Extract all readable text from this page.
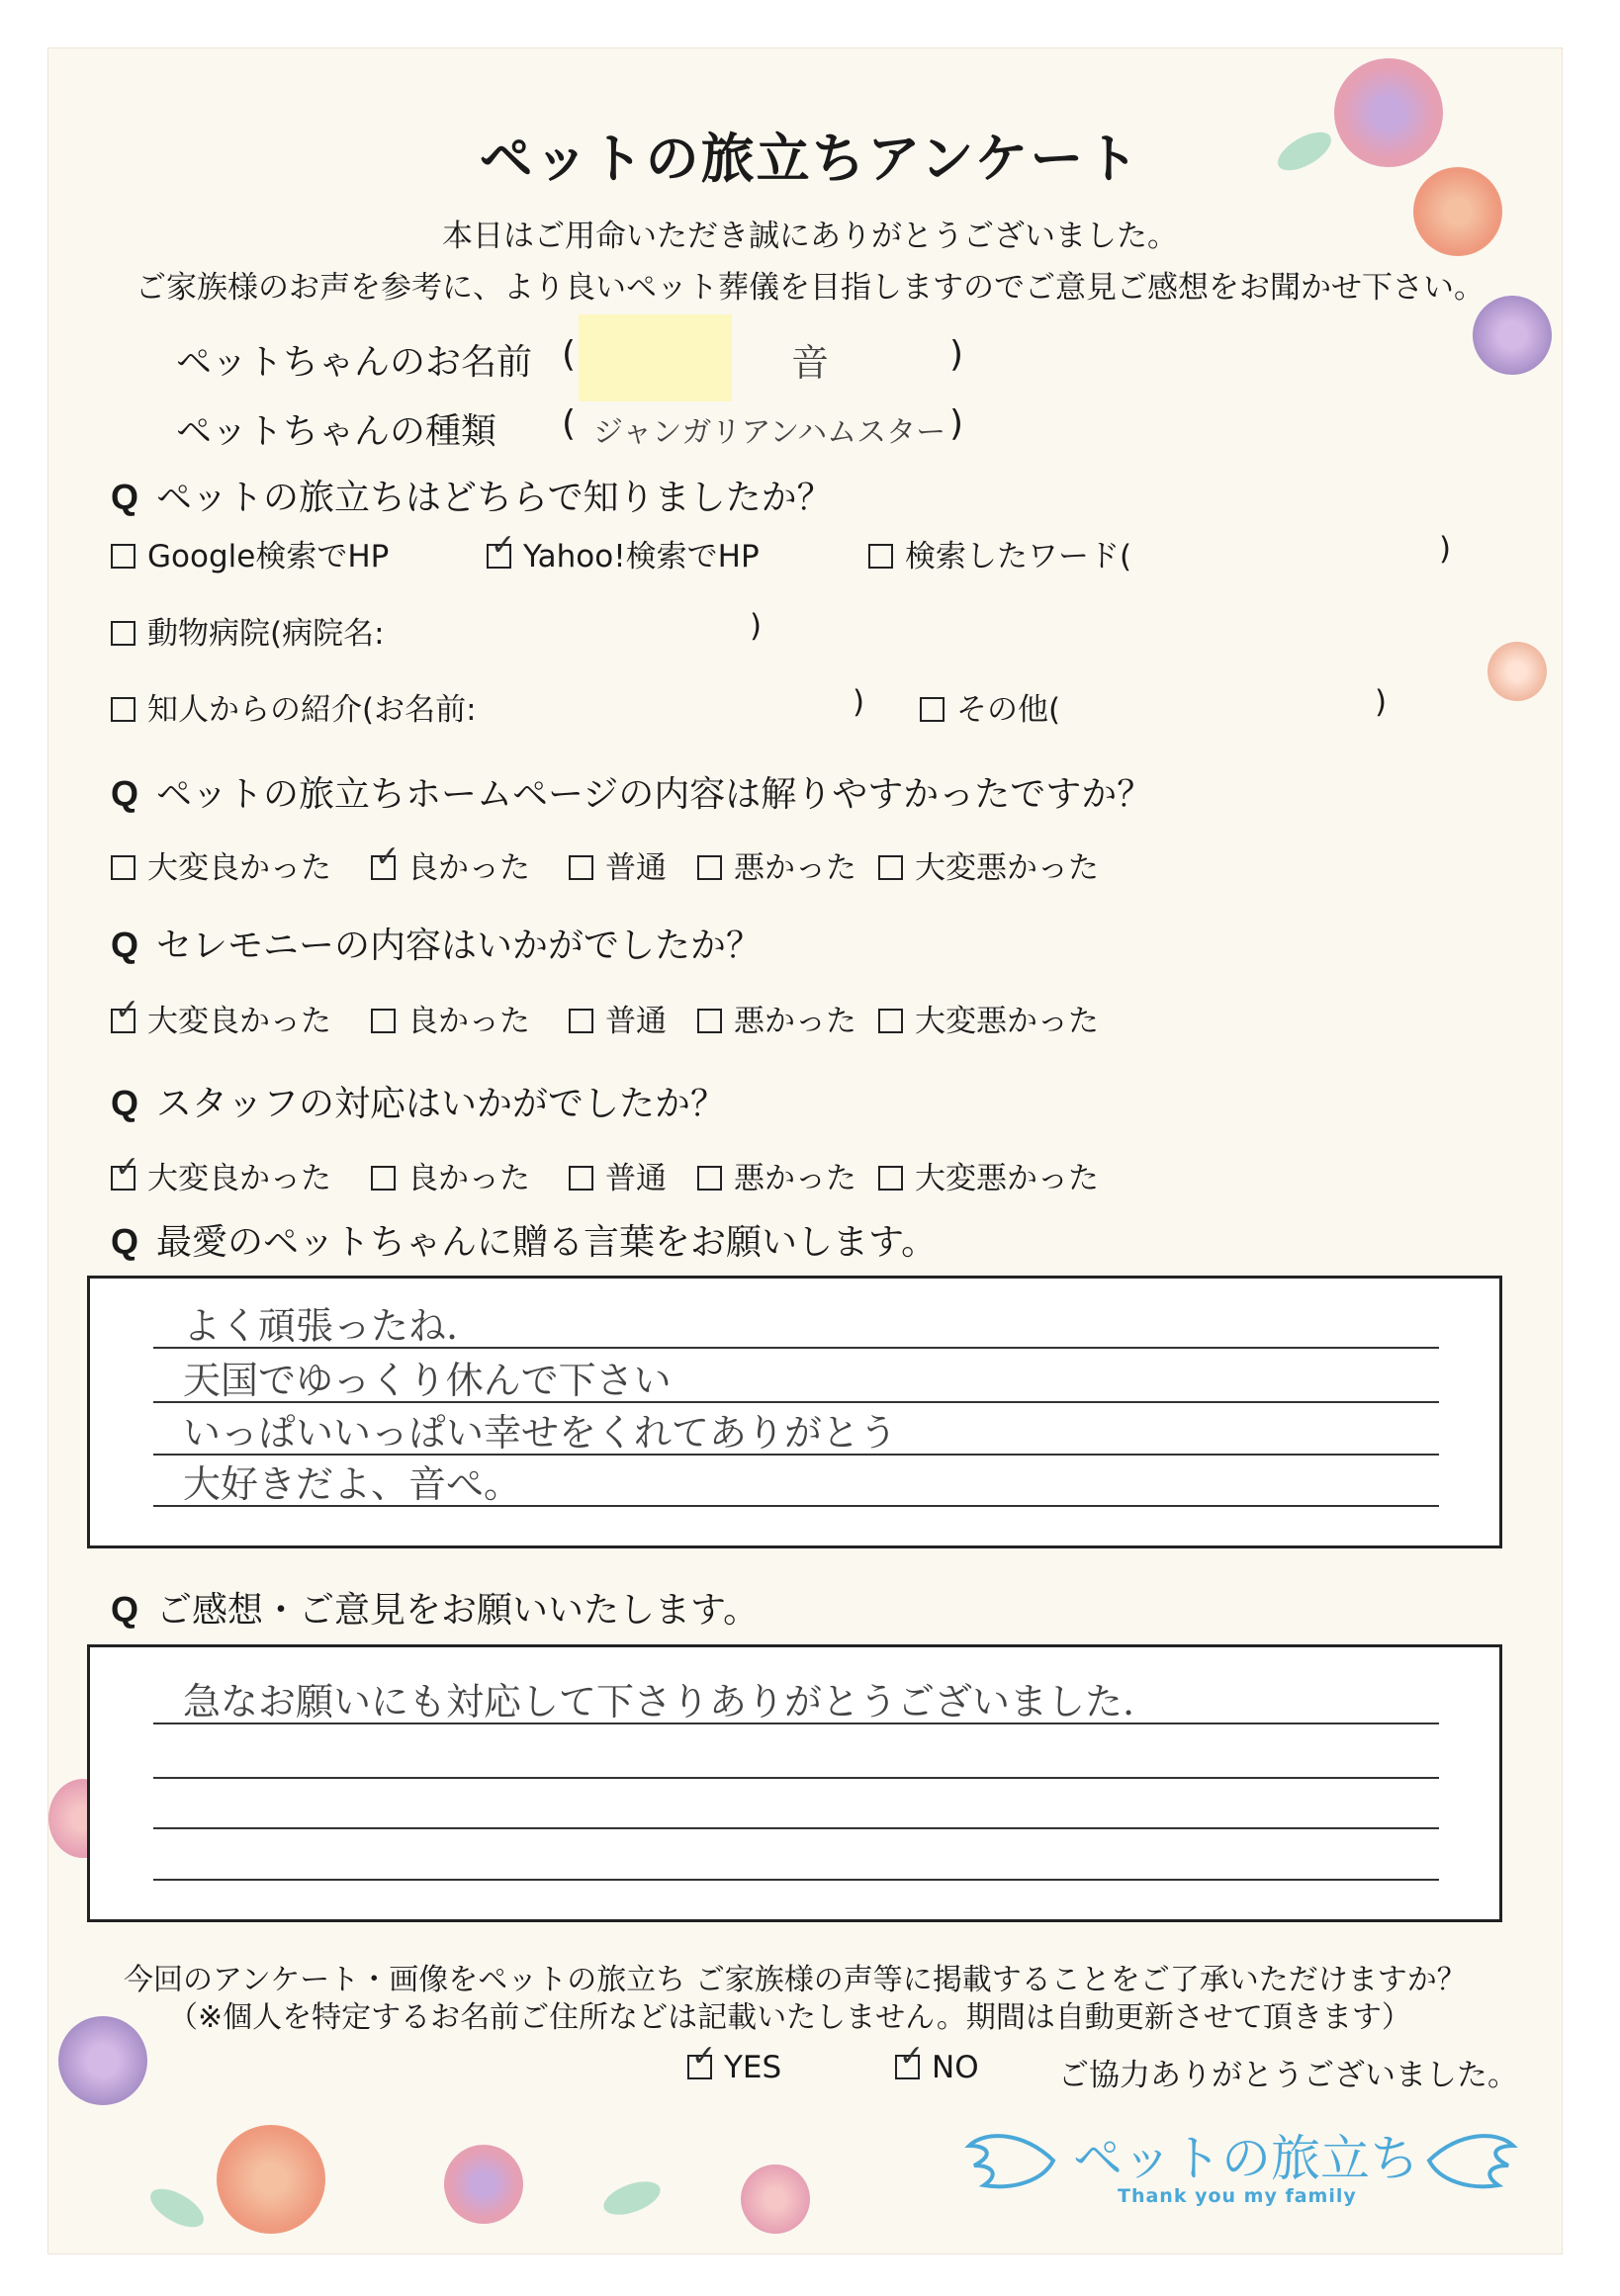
ペットの旅立ちアンケート
本日はご用命いただき誠にありがとうございました。
ご家族様のお声を参考に、より良いペット葬儀を目指しますのでご意見ご感想をお聞かせ下さい。
ペットちゃんのお名前 (	音	)
ペットちゃんの種類 ( ジャンガリアンハムスター )
Q ペットの旅立ちはどちらで知りましたか？
Google検索でHP ✓	Yahoo!検索でHP	検索したワード(	)
動物病院(病院名:	)
知人からの紹介(お名前:	)	その他(	)
Q ペットの旅立ちホームページの内容は解りやすかったですか？
大変良かった ✓	良かった	普通	悪かった	大変悪かった
Q セレモニーの内容はいかがでしたか？
✓大変良かった	良かった	普通	悪かった	大変悪かった
Q スタッフの対応はいかがでしたか？
✓大変良かった	良かった	普通	悪かった	大変悪かった
Q 最愛のペットちゃんに贈る言葉をお願いします。
よく頑張ったね.
天国でゆっくり休んで下さい
いっぱいいっぱい幸せをくれてありがとう
大好きだよ、音ぺ。
Q ご感想・ご意見をお願いいたします。
急なお願いにも対応して下さりありがとうございました.
今回のアンケート・画像をペットの旅立ち ご家族様の声等に掲載することをご了承いただけますか？
（※個人を特定するお名前ご住所などは記載いたしません。期間は自動更新させて頂きます）
✓YES ✓	NO	ご協力ありがとうございました。
ペットの旅立ち
Thank you my family
